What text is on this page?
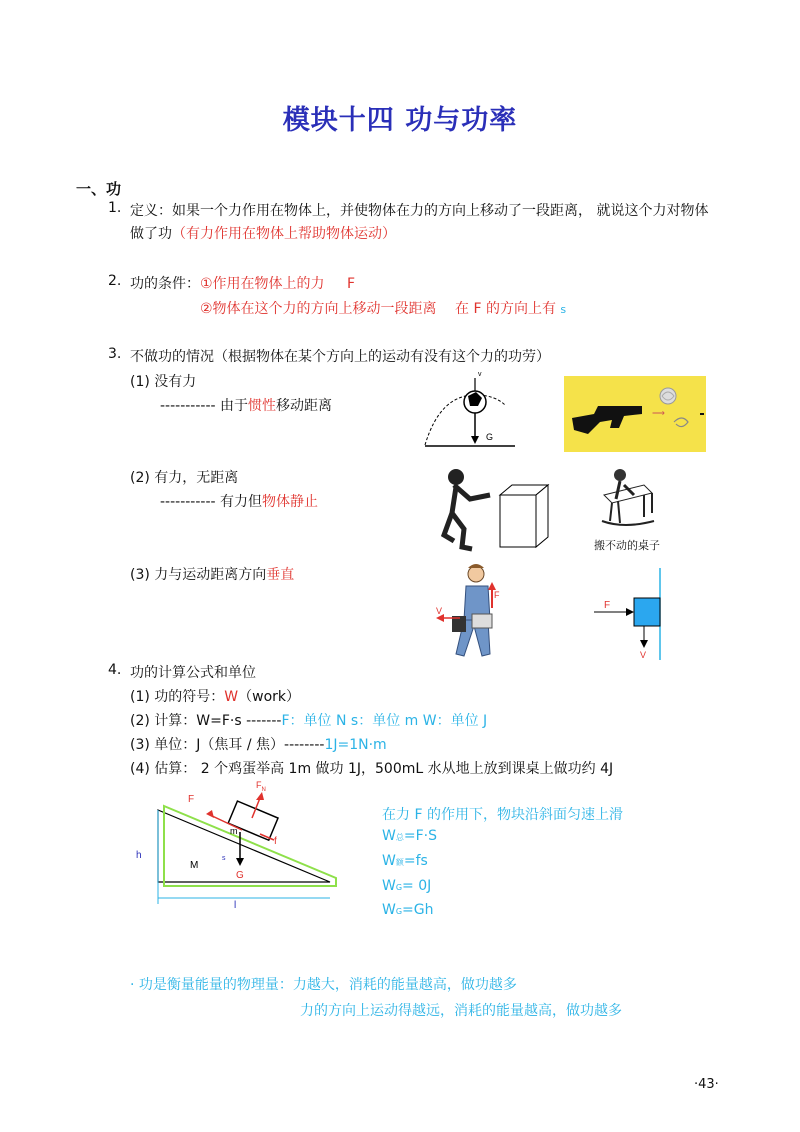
模块十四 功与功率
一、功
1. 定义：如果一个力作用在物体上，并使物体在力的方向上移动了一段距离， 就说这个力对物体
做了功（有力作用在物体上帮助物体运动）
2. 功的条件： ①作用在物体上的力 F
②物体在这个力的方向上移动一段距离 在 F 的方向上有 s
3. 不做功的情况（根据物体在某个方向上的运动有没有这个力的功劳）
(1) 没有力
----------- 由于惯性移动距离
(2) 有力，无距离
----------- 有力但物体静止
(3) 力与运动距离方向垂直
G
v
⟶
搬不动的桌子
F
V	F
V
4. 功的计算公式和单位
(1) 功的符号：W（work）
(2) 计算：W=F·s -------F：单位 N s：单位 m W：单位 J
(3) 单位：J（焦耳 / 焦）--------1J=1N·m
(4) 估算： 2 个鸡蛋举高 1m 做功 1J，500mL 水从地上放到课桌上做功约 4J
F
$F_N$
f
m
M
G
h
l
s
在力 F 的作用下，物块沿斜面匀速上滑
W总=F·S
W额=fs
WG= 0J
WG=Gh
· 功是衡量能量的物理量：力越大，消耗的能量越高，做功越多
力的方向上运动得越远，消耗的能量越高，做功越多
·43·
